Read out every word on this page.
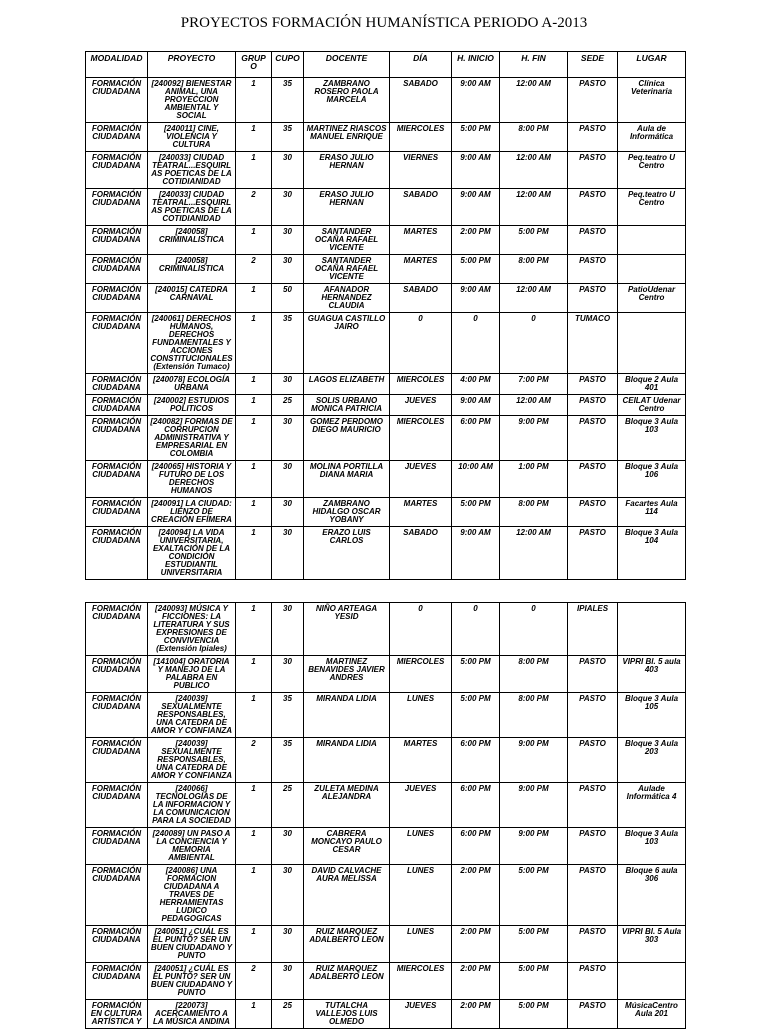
PROYECTOS FORMACIÓN HUMANÍSTICA PERIODO A-2013
MODALIDAD	PROYECTO	GRUP O	CUPO	DOCENTE	DÍA	H. INICIO	H. FIN	SEDE	LUGAR
FORMACIÓN CIUDADANA	[240092] BIENESTAR ANIMAL, UNA PROYECCION AMBIENTAL Y SOCIAL	1	35	ZAMBRANO ROSERO PAOLA MARCELA	SABADO	9:00 AM	12:00 AM	PASTO	Clínica Veterinaria
FORMACIÓN CIUDADANA	[240011] CINE, VIOLENCIA Y CULTURA	1	35	MARTINEZ RIASCOS MANUEL ENRIQUE	MIERCOLES	5:00 PM	8:00 PM	PASTO	Aula de Informática
FORMACIÓN CIUDADANA	[240033] CIUDAD TEATRAL...ESQUIRL AS POETICAS DE LA COTIDIANIDAD	1	30	ERASO JULIO HERNAN	VIERNES	9:00 AM	12:00 AM	PASTO	Peq.teatro U Centro
FORMACIÓN CIUDADANA	[240033] CIUDAD TEATRAL...ESQUIRL AS POETICAS DE LA COTIDIANIDAD	2	30	ERASO JULIO HERNAN	SABADO	9:00 AM	12:00 AM	PASTO	Peq.teatro U Centro
FORMACIÓN CIUDADANA	[240058] CRIMINALISTICA	1	30	SANTANDER OCAÑA RAFAEL VICENTE	MARTES	2:00 PM	5:00 PM	PASTO	
FORMACIÓN CIUDADANA	[240058] CRIMINALISTICA	2	30	SANTANDER OCAÑA RAFAEL VICENTE	MARTES	5:00 PM	8:00 PM	PASTO	
FORMACIÓN CIUDADANA	[240015] CATEDRA CARNAVAL	1	50	AFANADOR HERNANDEZ CLAUDIA	SABADO	9:00 AM	12:00 AM	PASTO	PatioUdenar Centro
FORMACIÓN CIUDADANA	[240061] DERECHOS HUMANOS, DERECHOS FUNDAMENTALES Y ACCIONES CONSTITUCIONALES (Extensión Tumaco)	1	35	GUAGUA CASTILLO JAIRO	0	0	0	TUMACO	
FORMACIÓN CIUDADANA	[240078] ECOLOGÍA URBANA	1	30	LAGOS ELIZABETH	MIERCOLES	4:00 PM	7:00 PM	PASTO	Bloque 2 Aula 401
FORMACIÓN CIUDADANA	[240002] ESTUDIOS POLITICOS	1	25	SOLIS URBANO MONICA PATRICIA	JUEVES	9:00 AM	12:00 AM	PASTO	CEILAT Udenar Centro
FORMACIÓN CIUDADANA	[240082] FORMAS DE CORRUPCION ADMINISTRATIVA Y EMPRESARIAL EN COLOMBIA	1	30	GOMEZ PERDOMO DIEGO MAURICIO	MIERCOLES	6:00 PM	9:00 PM	PASTO	Bloque 3 Aula 103
FORMACIÓN CIUDADANA	[240065] HISTORIA Y FUTURO DE LOS DERECHOS HUMANOS	1	30	MOLINA PORTILLA DIANA MARIA	JUEVES	10:00 AM	1:00 PM	PASTO	Bloque 3 Aula 106
FORMACIÓN CIUDADANA	[240091] LA CIUDAD: LIENZO DE CREACIÓN EFÍMERA	1	30	ZAMBRANO HIDALGO OSCAR YOBANY	MARTES	5:00 PM	8:00 PM	PASTO	Facartes Aula 114
FORMACIÓN CIUDADANA	[240094] LA VIDA UNIVERSITARIA, EXALTACIÓN DE LA CONDICIÓN ESTUDIANTIL UNIVERSITARIA	1	30	ERAZO LUIS CARLOS	SABADO	9:00 AM	12:00 AM	PASTO	Bloque 3 Aula 104
FORMACIÓN CIUDADANA	[240093] MÚSICA Y FICCIONES: LA LITERATURA Y SUS EXPRESIONES DE CONVIVENCIA (Extensión Ipiales)	1	30	NIÑO ARTEAGA YESID	0	0	0	IPIALES	
FORMACIÓN CIUDADANA	[141004] ORATORIA Y MANEJO DE LA PALABRA EN PUBLICO	1	30	MARTINEZ BENAVIDES JAVIER ANDRES	MIERCOLES	5:00 PM	8:00 PM	PASTO	VIPRI Bl. 5 aula 403
FORMACIÓN CIUDADANA	[240039] SEXUALMENTE RESPONSABLES, UNA CATEDRA DE AMOR Y CONFIANZA	1	35	MIRANDA LIDIA	LUNES	5:00 PM	8:00 PM	PASTO	Bloque 3 Aula 105
FORMACIÓN CIUDADANA	[240039] SEXUALMENTE RESPONSABLES, UNA CATEDRA DE AMOR Y CONFIANZA	2	35	MIRANDA LIDIA	MARTES	6:00 PM	9:00 PM	PASTO	Bloque 3 Aula 203
FORMACIÓN CIUDADANA	[240066] TECNOLOGÍAS DE LA INFORMACION Y LA COMUNICACION PARA LA SOCIEDAD	1	25	ZULETA MEDINA ALEJANDRA	JUEVES	6:00 PM	9:00 PM	PASTO	Aulade Informática 4
FORMACIÓN CIUDADANA	[240089] UN PASO A LA CONCIENCIA Y MEMORIA AMBIENTAL	1	30	CABRERA MONCAYO PAULO CESAR	LUNES	6:00 PM	9:00 PM	PASTO	Bloque 3 Aula 103
FORMACIÓN CIUDADANA	[240086] UNA FORMACION CIUDADANA A TRAVES DE HERRAMIENTAS LUDICO PEDAGOGICAS	1	30	DAVID CALVACHE AURA MELISSA	LUNES	2:00 PM	5:00 PM	PASTO	Bloque 6 aula 306
FORMACIÓN CIUDADANA	[240051] ¿CUÁL ES EL PUNTO? SER UN BUEN CIUDADANO Y PUNTO	1	30	RUIZ MARQUEZ ADALBERTO LEON	LUNES	2:00 PM	5:00 PM	PASTO	VIPRI Bl. 5 Aula 303
FORMACIÓN CIUDADANA	[240051] ¿CUÁL ES EL PUNTO? SER UN BUEN CIUDADANO Y PUNTO	2	30	RUIZ MARQUEZ ADALBERTO LEON	MIERCOLES	2:00 PM	5:00 PM	PASTO	
FORMACIÓN EN CULTURA ARTÍSTICA Y	[220073] ACERCAMIENTO A LA MÚSICA ANDINA	1	25	TUTALCHA VALLEJOS LUIS OLMEDO	JUEVES	2:00 PM	5:00 PM	PASTO	MúsicaCentro Aula 201
